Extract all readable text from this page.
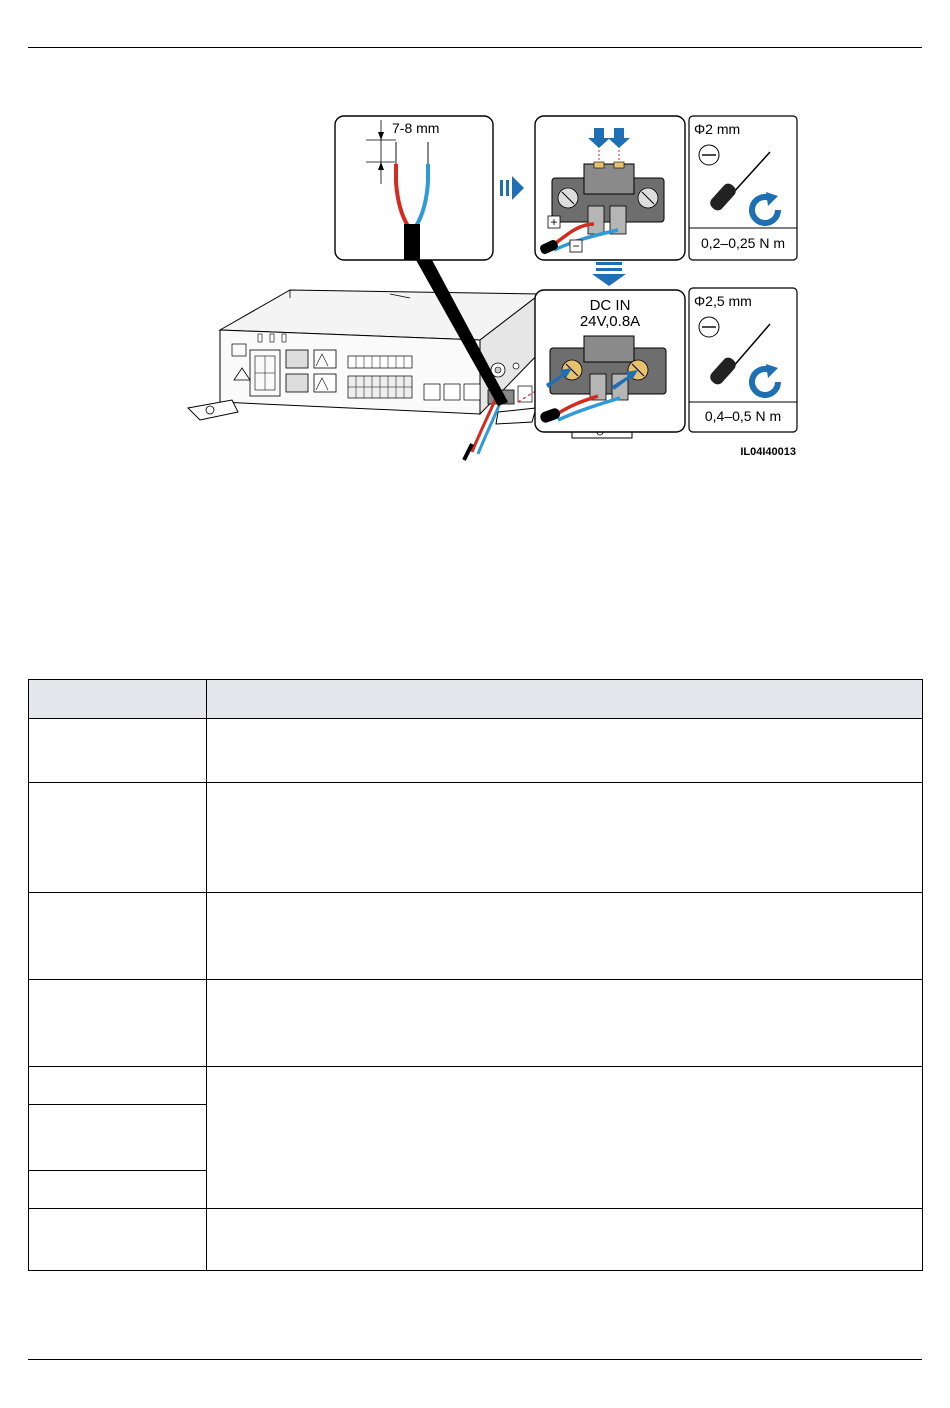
7-8 mm
+
−
DC IN
24V,0.8A
Φ2 mm
0,2–0,25 N m
Φ2,5 mm
0,4–0,5 N m
IL04I40013
